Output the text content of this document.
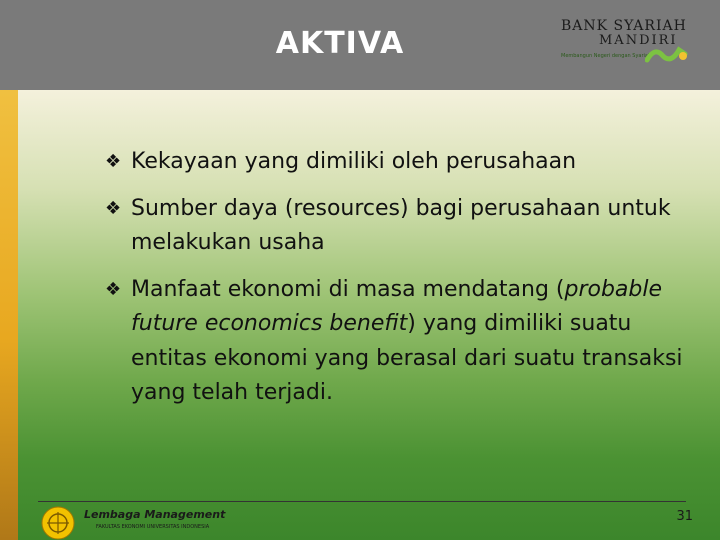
AKTIVA	BANK SYARIAH
MANDIRI
Membangun Negeri dengan Syariah
❖ Kekayaan yang dimiliki oleh perusahaan
❖ Sumber daya (resources) bagi perusahaan untuk melakukan usaha
❖ Manfaat ekonomi di masa mendatang (probable future economics benefit) yang dimiliki suatu entitas ekonomi yang berasal dari suatu transaksi yang telah terjadi.
Lembaga Management
FAKULTAS EKONOMI UNIVERSITAS INDONESIA
31
